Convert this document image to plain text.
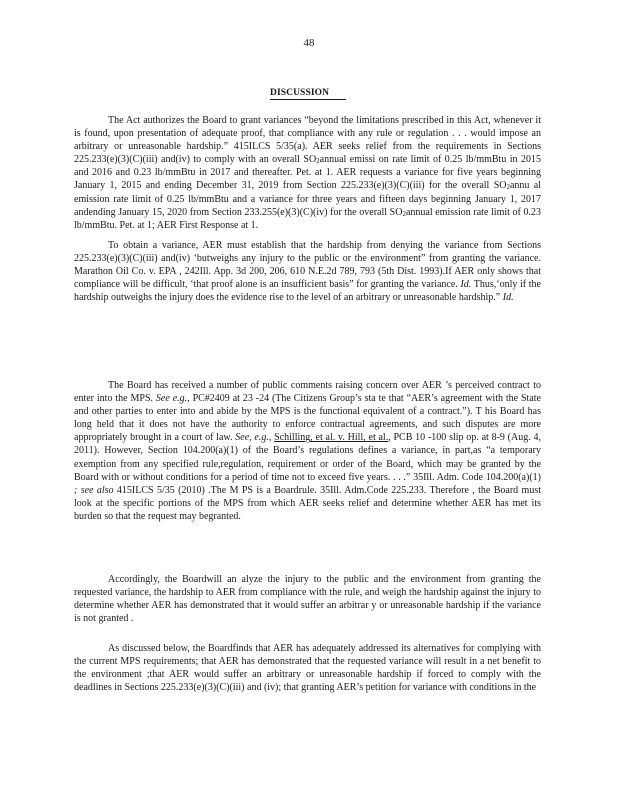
48
DISCUSSION

The Act authorizes the Board to grant variances “beyond the limitations prescribed in this Act, whenever it is found, upon presentation of adequate proof, that compliance with any rule or regulation . . . would impose an arbitrary or unreasonable hardship.” 415ILCS 5/35(a). AER seeks relief from the requirements in Sections 225.233(e)(3)(C)(iii) and(iv) to comply with an overall $SO_2annual$ emissi on rate limit of 0.25 lb/mmBtu in 2015 and 2016 and 0.23 lb/mmBtu in 2017 and thereafter. Pet. at 1. AER requests a variance for five years beginning January 1, 2015 and ending December 31, 2019 from Section 225.233(e)(3)(C)(iii) for the overall $SO_2annu$ al emission rate limit of 0.25 lb/mmBtu and a variance for three years and fifteen days beginning January 1, 2017 andending January 15, 2020 from Section 233.255(e)(3)(C)(iv) for the overall $SO_2annual$ emission rate limit of 0.23 lb/mmBtu. Pet. at 1; AER First Response at 1.

To obtain a variance, AER must establish that the hardship from denying the variance from Sections 225.233(e)(3)(C)(iii) and(iv) ‘butweighs any injury to the public or the environment” from granting the variance. Marathon Oil Co. v. EPA , 242Ill. App. 3d 200, 206, 610 N.E.2d 789, 793 (5th Dist. 1993).If AER only shows that compliance will be difficult, ‘that proof alone is an insufficient basis” for granting the variance. Id. Thus,‘only if the hardship outweighs the injury does the evidence rise to the level of an arbitrary or unreasonable hardship.” Id.

The Board has received a number of public comments raising concern over AER ’s perceived contract to enter into the MPS. See e.g., PC#2409 at 23 -24 (The Citizens Group’s sta te that “AER’s agreement with the State and other parties to enter into and abide by the MPS is the functional equivalent of a contract.”). T his Board has long held that it does not have the authority to enforce contractual agreements, and such disputes are more appropriately brought in a court of law. See, e.g., Schilling, et al. v. Hill, et al., PCB 10 -100 slip op. at 8-9 (Aug. 4, 2011). However, Section 104.200(a)(1) of the Board’s regulations defines a variance, in part,as “a temporary exemption from any specified rule,regulation, requirement or order of the Board, which may be granted by the Board with or without conditions for a period of time not to exceed five years. . . .” 35Ill. Adm. Code 104.200(a)(1) ; see also 415ILCS 5/35 (2010) .The M PS is a Boardrule. 35Ill. Adm.Code 225.233. Therefore , the Board must look at the specific portions of the MPS from which AER seeks relief and determine whether AER has met its burden so that the request may begranted.

Accordingly, the Boardwill an alyze the injury to the public and the environment from granting the requested variance, the hardship to AER from compliance with the rule, and weigh the hardship against the injury to determine whether AER has demonstrated that it would suffer an arbitrar y or unreasonable hardship if the variance is not granted .

As discussed below, the Boardfinds that AER has adequately addressed its alternatives for complying with the current MPS requirements; that AER has demonstrated that the requested variance will result in a net benefit to the environment ;that AER would suffer an arbitrary or unreasonable hardship if forced to comply with the deadlines in Sections 225.233(e)(3)(C)(iii) and (iv); that granting AER’s petition for variance with conditions in the
